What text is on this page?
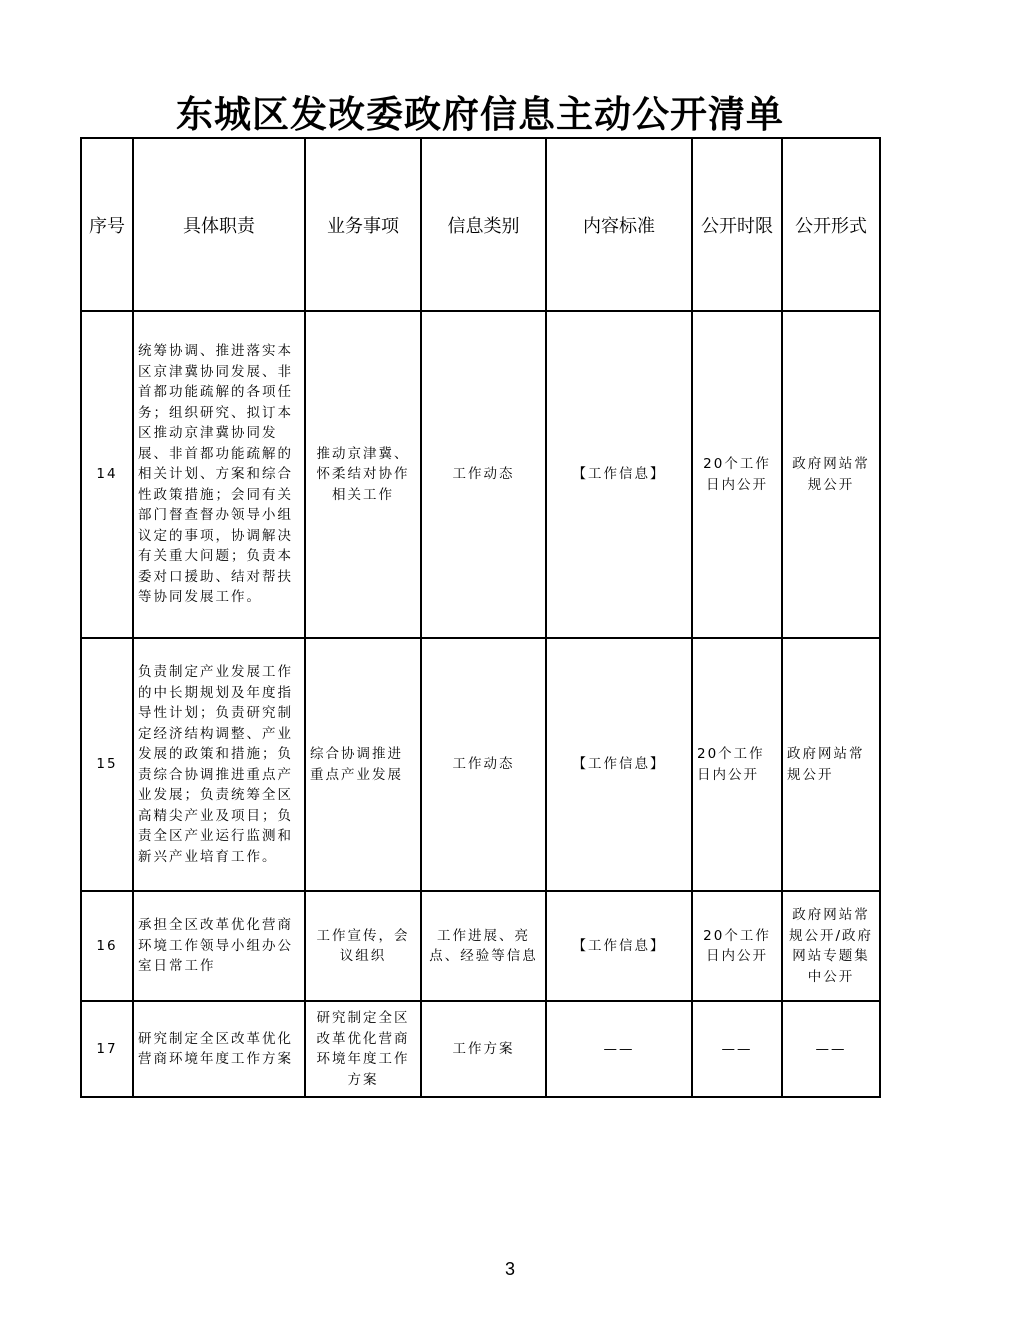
东城区发改委政府信息主动公开清单
序号	具体职责	业务事项	信息类别	内容标准	公开时限	公开形式
14	统筹协调、推进落实本区京津冀协同发展、非首都功能疏解的各项任务；组织研究、拟订本区推动京津冀协同发展、非首都功能疏解的相关计划、方案和综合性政策措施；会同有关部门督查督办领导小组议定的事项，协调解决有关重大问题；负责本委对口援助、结对帮扶等协同发展工作。	推动京津冀、怀柔结对协作相关工作	工作动态	【工作信息】	20个工作日内公开	政府网站常规公开
15	负责制定产业发展工作的中长期规划及年度指导性计划；负责研究制定经济结构调整、产业发展的政策和措施；负责综合协调推进重点产业发展；负责统筹全区高精尖产业及项目；负责全区产业运行监测和新兴产业培育工作。	综合协调推进重点产业发展	工作动态	【工作信息】	20个工作日内公开	政府网站常规公开
16	承担全区改革优化营商环境工作领导小组办公室日常工作	工作宣传，会议组织	工作进展、亮点、经验等信息	【工作信息】	20个工作日内公开	政府网站常规公开/政府网站专题集中公开
17	研究制定全区改革优化营商环境年度工作方案	研究制定全区改革优化营商环境年度工作方案	工作方案	——	——	——
3
